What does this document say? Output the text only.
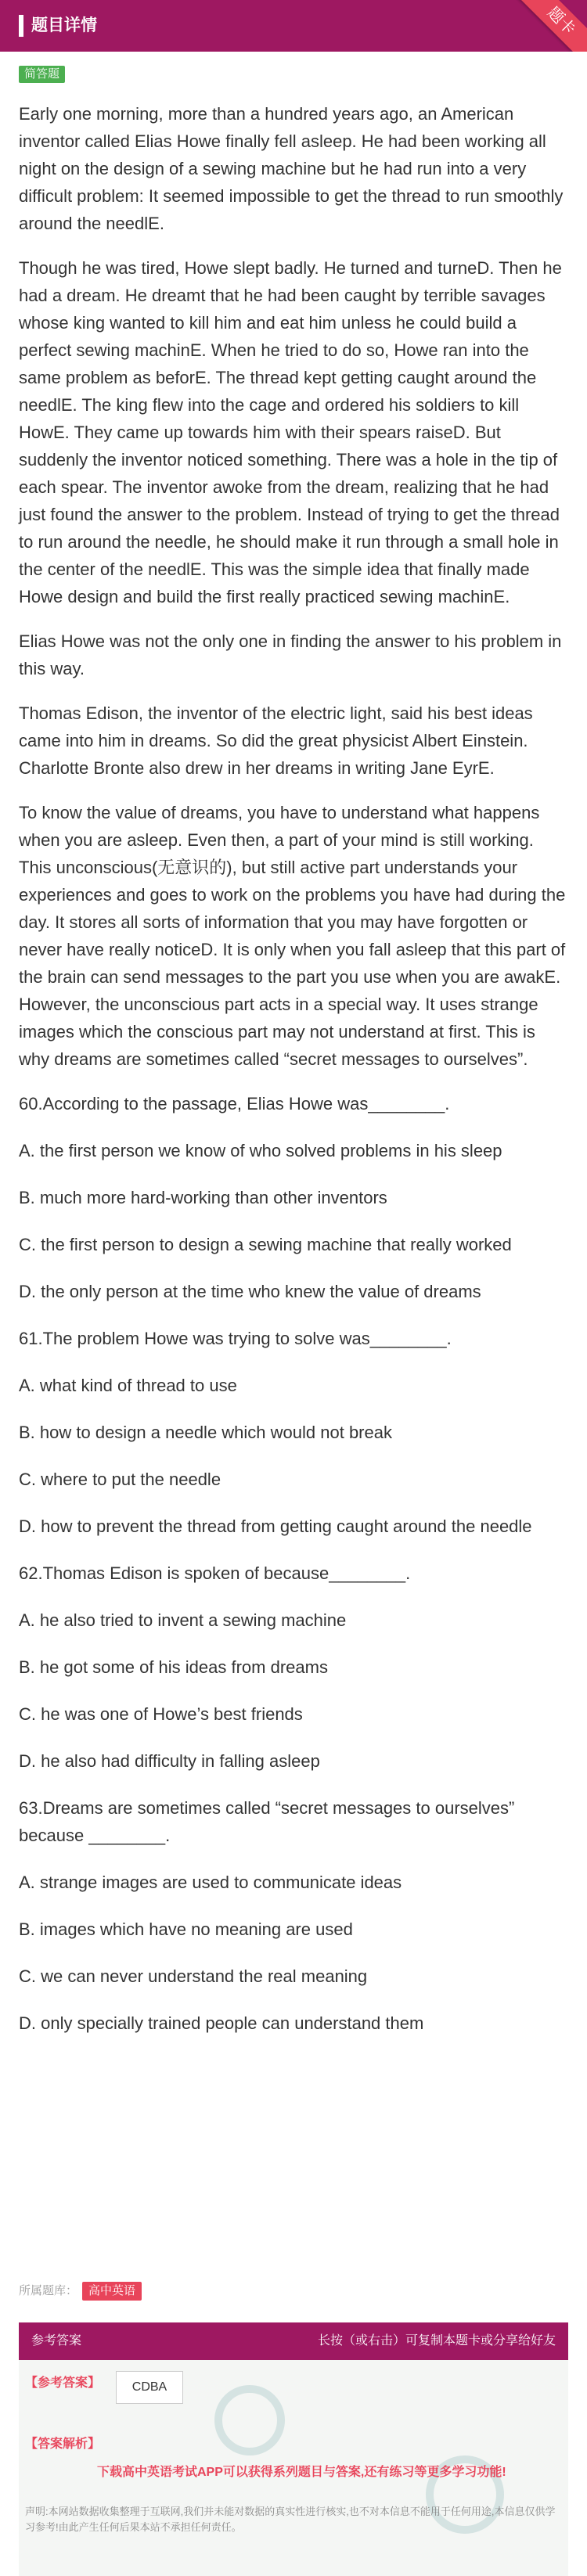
题目详情	题卡
简答题

Early one morning, more than a hundred years ago, an American inventor called Elias Howe finally fell asleep. He had been working all night on the design of a sewing machine but he had run into a very difficult problem: It seemed impossible to get the thread to run smoothly around the needlE.

Though he was tired, Howe slept badly. He turned and turneD. Then he had a dream. He dreamt that he had been caught by terrible savages whose king wanted to kill him and eat him unless he could build a perfect sewing machinE. When he tried to do so, Howe ran into the same problem as beforE. The thread kept getting caught around the needlE. The king flew into the cage and ordered his soldiers to kill HowE. They came up towards him with their spears raiseD. But suddenly the inventor noticed something. There was a hole in the tip of each spear. The inventor awoke from the dream, realizing that he had just found the answer to the problem. Instead of trying to get the thread to run around the needle, he should make it run through a small hole in the center of the needlE. This was the simple idea that finally made Howe design and build the first really practiced sewing machinE.

Elias Howe was not the only one in finding the answer to his problem in this way.

Thomas Edison, the inventor of the electric light, said his best ideas came into him in dreams. So did the great physicist Albert Einstein. Charlotte Bronte also drew in her dreams in writing Jane EyrE.

To know the value of dreams, you have to understand what happens when you are asleep. Even then, a part of your mind is still working. This unconscious(无意识的), but still active part understands your experiences and goes to work on the problems you have had during the day. It stores all sorts of information that you may have forgotten or never have really noticeD. It is only when you fall asleep that this part of the brain can send messages to the part you use when you are awakE. However, the unconscious part acts in a special way. It uses strange images which the conscious part may not understand at first. This is why dreams are sometimes called “secret messages to ourselves”.

60.According to the passage, Elias Howe was________.

A. the first person we know of who solved problems in his sleep

B. much more hard-working than other inventors

C. the first person to design a sewing machine that really worked

D. the only person at the time who knew the value of dreams

61.The problem Howe was trying to solve was________.

A. what kind of thread to use

B. how to design a needle which would not break

C. where to put the needle

D. how to prevent the thread from getting caught around the needle

62.Thomas Edison is spoken of because________.

A. he also tried to invent a sewing machine

B. he got some of his ideas from dreams

C. he was one of Howe’s best friends

D. he also had difficulty in falling asleep

63.Dreams are sometimes called “secret messages to ourselves” because ________.

A. strange images are used to communicate ideas

B. images which have no meaning are used

C. we can never understand the real meaning

D. only specially trained people can understand them

所属题库： 高中英语
参考答案	长按（或右击）可复制本题卡或分享给好友
【参考答案】	CDBA
【答案解析】
下载高中英语考试APP可以获得系列题目与答案,还有练习等更多学习功能!
声明:本网站数据收集整理于互联网,我们并未能对数据的真实性进行核实,也不对本信息不能用于任何用途,本信息仅供学习参考!由此产生任何后果本站不承担任何责任。
